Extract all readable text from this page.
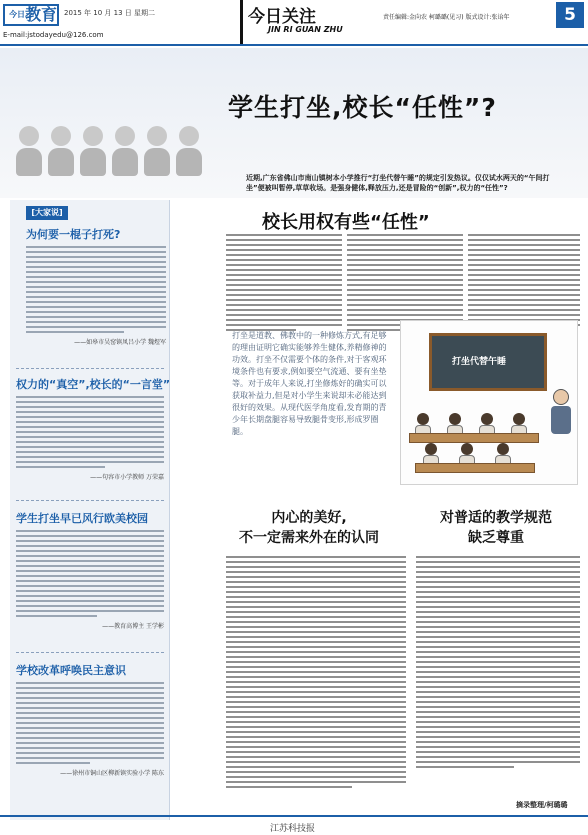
$^{今日}$教育 2015 年 10 月 13 日 星期二
E-mail:jstodayedu@126.com
今日关注
JIN RI GUAN ZHU
责任编辑:金向农 柯璐璐(见习) 版式设计:张诒年	5
学生打坐,校长“任性”?
近期,广东省佛山市南山镇树本小学推行“打坐代替午睡”的规定引发热议。仅仅试水两天的“午间打坐”便被叫暂停,草草收场。是强身健体,释放压力,还是冒险的“创新”,权力的“任性”?
[大家说]
为何要一棍子打死?
——如皋市吴窑镇凤吕小学 魏煜军
权力的“真空”,校长的“一言堂”
——句容市小学教师 万荣嘉
学生打坐早已风行欧美校园
——教育高博主 王学彬
学校改革呼唤民主意识
——徐州市铜山区柳新镇实验小学 陈东
校长用权有些“任性”
打坐是道教、佛教中的一种修炼方式,有足够的理由证明它确实能够养生健体,养精修神的功效。打坐不仅需要个体的条件,对于客观环境条件也有要求,例如要空气流通、要有坐垫等。对于成年人来说,打坐修炼好的确实可以获取补益力,但是对小学生来说却未必能达到很好的效果。从现代医学角度看,发育期的青少年长期盘腿容易导致腿骨变形,形成罗圈腿。
打坐代替午睡
内心的美好,
不一定需来外在的认同
对普适的教学规范
缺乏尊重
摘录整理/柯璐璐
江苏科技报
